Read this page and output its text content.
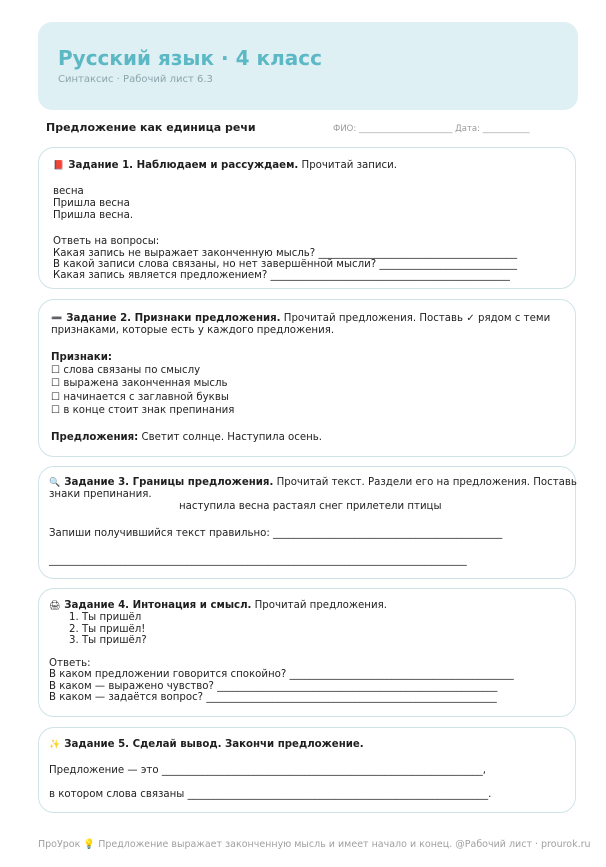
Русский язык · 4 класс
Синтаксис · Рабочий лист 6.3
Предложение как единица речи	ФИО: ______________________ Дата: ___________
📕 Задание 1. Наблюдаем и рассуждаем. Прочитай записи.
весна
Пришла весна
Пришла весна.
Ответь на вопросы:
Какая запись не выражает законченную мысль? _______________________________________
В какой записи слова связаны, но нет завершённой мысли? ___________________________
Какая запись является предложением? _______________________________________________
➖ Задание 2. Признаки предложения. Прочитай предложения. Поставь ✓ рядом с теми
признаками, которые есть у каждого предложения.
Признаки:
☐ слова связаны по смыслу
☐ выражена законченная мысль
☐ начинается с заглавной буквы
☐ в конце стоит знак препинания
Предложения: Светит солнце. Наступила осень.
🔍 Задание 3. Границы предложения. Прочитай текст. Раздели его на предложения. Поставь
знаки препинания.
наступила весна растаял снег прилетели птицы
Запиши получившийся текст правильно: _____________________________________________
__________________________________________________________________________________
🖨 Задание 4. Интонация и смысл. Прочитай предложения.
1. Ты пришёл
2. Ты пришёл!
3. Ты пришёл?
Ответь:
В каком предложении говорится спокойно? ____________________________________________
В каком — выражено чувство? _______________________________________________________
В каком — задаётся вопрос? _________________________________________________________
✨ Задание 5. Сделай вывод. Закончи предложение.
Предложение — это _______________________________________________________________,
в котором слова связаны ___________________________________________________________.
ПроУрок 💡 Предложение выражает законченную мысль и имеет начало и конец. @Рабочий лист · prourok.ru
